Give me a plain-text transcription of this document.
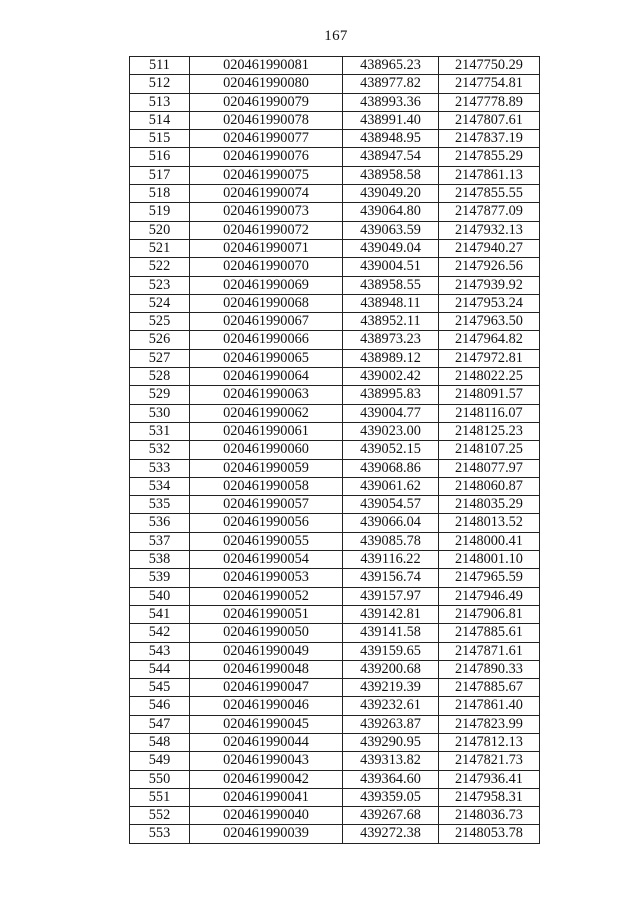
167
511	020461990081	438965.23	2147750.29
512	020461990080	438977.82	2147754.81
513	020461990079	438993.36	2147778.89
514	020461990078	438991.40	2147807.61
515	020461990077	438948.95	2147837.19
516	020461990076	438947.54	2147855.29
517	020461990075	438958.58	2147861.13
518	020461990074	439049.20	2147855.55
519	020461990073	439064.80	2147877.09
520	020461990072	439063.59	2147932.13
521	020461990071	439049.04	2147940.27
522	020461990070	439004.51	2147926.56
523	020461990069	438958.55	2147939.92
524	020461990068	438948.11	2147953.24
525	020461990067	438952.11	2147963.50
526	020461990066	438973.23	2147964.82
527	020461990065	438989.12	2147972.81
528	020461990064	439002.42	2148022.25
529	020461990063	438995.83	2148091.57
530	020461990062	439004.77	2148116.07
531	020461990061	439023.00	2148125.23
532	020461990060	439052.15	2148107.25
533	020461990059	439068.86	2148077.97
534	020461990058	439061.62	2148060.87
535	020461990057	439054.57	2148035.29
536	020461990056	439066.04	2148013.52
537	020461990055	439085.78	2148000.41
538	020461990054	439116.22	2148001.10
539	020461990053	439156.74	2147965.59
540	020461990052	439157.97	2147946.49
541	020461990051	439142.81	2147906.81
542	020461990050	439141.58	2147885.61
543	020461990049	439159.65	2147871.61
544	020461990048	439200.68	2147890.33
545	020461990047	439219.39	2147885.67
546	020461990046	439232.61	2147861.40
547	020461990045	439263.87	2147823.99
548	020461990044	439290.95	2147812.13
549	020461990043	439313.82	2147821.73
550	020461990042	439364.60	2147936.41
551	020461990041	439359.05	2147958.31
552	020461990040	439267.68	2148036.73
553	020461990039	439272.38	2148053.78
